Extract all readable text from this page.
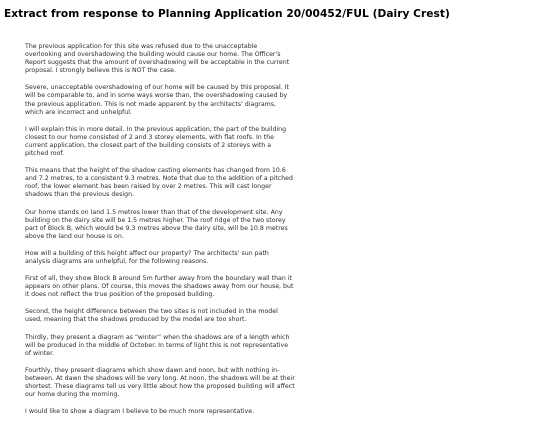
Extract from response to Planning Application 20/00452/FUL (Dairy Crest)

The previous application for this site was refused due to the unacceptable overlooking and overshadowing the building would cause our home. The Officer's Report suggests that the amount of overshadowing will be acceptable in the current proposal. I strongly believe this is NOT the case.

Severe, unacceptable overshadowing of our home will be caused by this proposal. It will be comparable to, and in some ways worse than, the overshadowing caused by the previous application. This is not made apparent by the architects' diagrams, which are incorrect and unhelpful.

I will explain this in more detail. In the previous application, the part of the building closest to our home consisted of 2 and 3 storey elements, with flat roofs. In the current application, the closest part of the building consists of 2 storeys with a pitched roof.

This means that the height of the shadow casting elements has changed from 10.6 and 7.2 metres, to a consistent 9.3 metres. Note that due to the addition of a pitched roof, the lower element has been raised by over 2 metres. This will cast longer shadows than the previous design.

Our home stands on land 1.5 metres lower than that of the development site. Any building on the dairy site will be 1.5 metres higher. The roof ridge of the two storey part of Block B, which would be 9.3 metres above the dairy site, will be 10.8 metres above the land our house is on.

How will a building of this height affect our property? The architects' sun path analysis diagrams are unhelpful, for the following reasons.

First of all, they show Block B around 5m further away from the boundary wall than it appears on other plans. Of course, this moves the shadows away from our house, but it does not reflect the true position of the proposed building.

Second, the height difference between the two sites is not included in the model used, meaning that the shadows produced by the model are too short.

Thirdly, they present a diagram as “winter” when the shadows are of a length which will be produced in the middle of October. In terms of light this is not representative of winter.

Fourthly, they present diagrams which show dawn and noon, but with nothing in-between. At dawn the shadows will be very long. At noon, the shadows will be at their shortest. These diagrams tell us very little about how the proposed building will affect our home during the morning.

I would like to show a diagram I believe to be much more representative.
